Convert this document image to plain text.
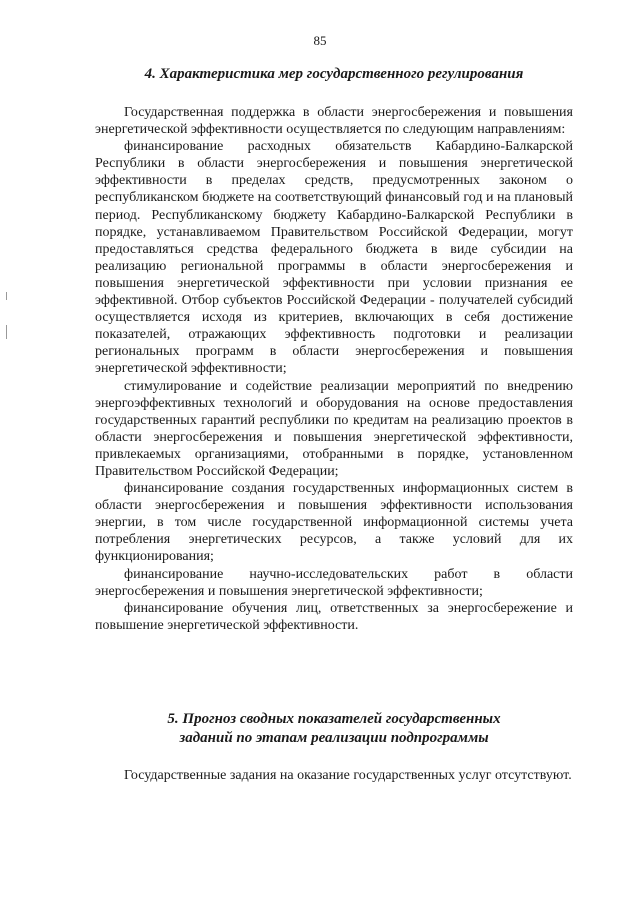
85
4. Характеристика мер государственного регулирования

Государственная поддержка в области энергосбережения и повышения энергетической эффективности осуществляется по следующим направлениям:

финансирование расходных обязательств Кабардино-Балкарской Республики в области энергосбережения и повышения энергетической эффективности в пределах средств, предусмотренных законом о республиканском бюджете на соответствующий финансовый год и на плановый период. Республиканскому бюджету Кабардино-Балкарской Республики в порядке, устанавливаемом Правительством Российской Федерации, могут предоставляться средства федерального бюджета в виде субсидии на реализацию региональной программы в области энергосбережения и повышения энергетической эффективности при условии признания ее эффективной. Отбор субъектов Российской Федерации - получателей субсидий осуществляется исходя из критериев, включающих в себя достижение показателей, отражающих эффективность подготовки и реализации региональных программ в области энергосбережения и повышения энергетической эффективности;

стимулирование и содействие реализации мероприятий по внедрению энергоэффективных технологий и оборудования на основе предоставления государственных гарантий республики по кредитам на реализацию проектов в области энергосбережения и повышения энергетической эффективности, привлекаемых организациями, отобранными в порядке, установленном Правительством Российской Федерации;

финансирование создания государственных информационных систем в области энергосбережения и повышения эффективности использования энергии, в том числе государственной информационной системы учета потребления энергетических ресурсов, а также условий для их функционирования;

финансирование научно-исследовательских работ в области энергосбережения и повышения энергетической эффективности;

финансирование обучения лиц, ответственных за энергосбережение и повышение энергетической эффективности.

5. Прогноз сводных показателей государственных
заданий по этапам реализации подпрограммы

Государственные задания на оказание государственных услуг отсутствуют.
